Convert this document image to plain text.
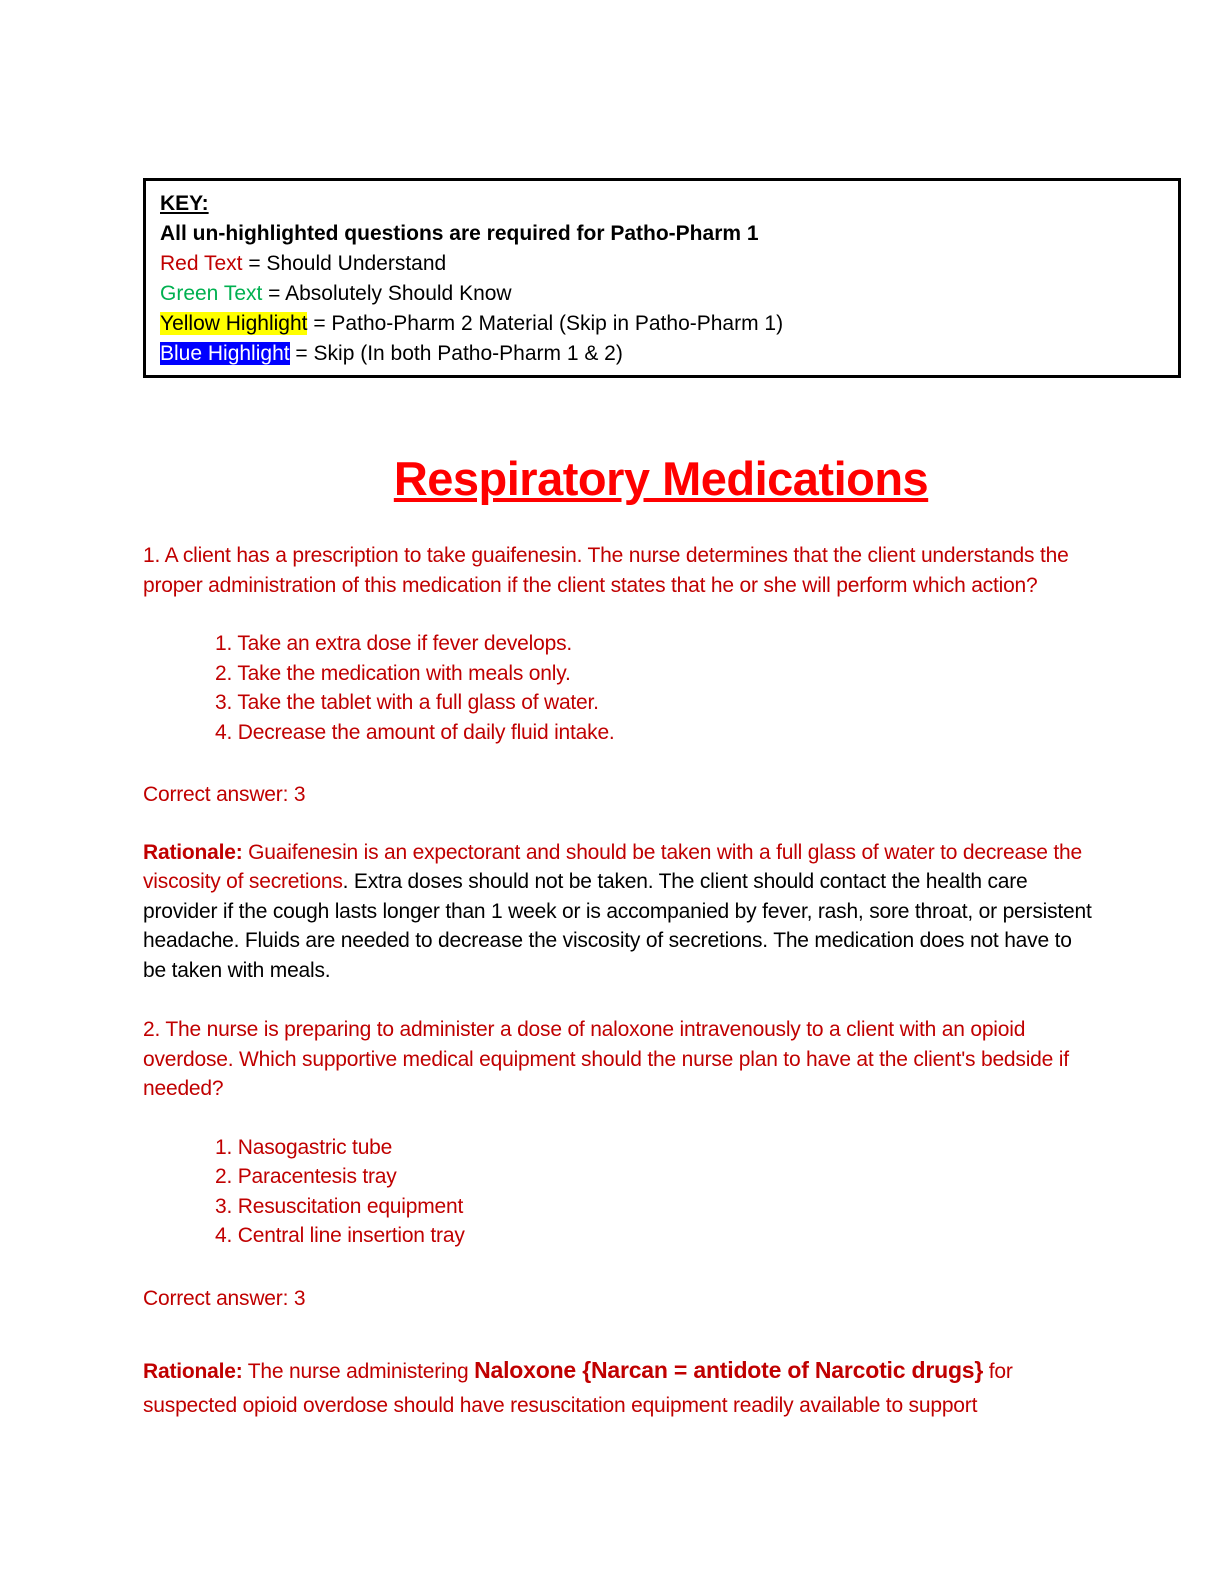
KEY:
All un-highlighted questions are required for Patho-Pharm 1
Red Text = Should Understand
Green Text = Absolutely Should Know
Yellow Highlight = Patho-Pharm 2 Material (Skip in Patho-Pharm 1)
Blue Highlight = Skip (In both Patho-Pharm 1 & 2)
Respiratory Medications

1. A client has a prescription to take guaifenesin. The nurse determines that the client understands the proper administration of this medication if the client states that he or she will perform which action?

1. Take an extra dose if fever develops.
2. Take the medication with meals only.
3. Take the tablet with a full glass of water.
4. Decrease the amount of daily fluid intake.
Correct answer: 3

Rationale: Guaifenesin is an expectorant and should be taken with a full glass of water to decrease the viscosity of secretions. Extra doses should not be taken. The client should contact the health care provider if the cough lasts longer than 1 week or is accompanied by fever, rash, sore throat, or persistent headache. Fluids are needed to decrease the viscosity of secretions. The medication does not have to be taken with meals.

2. The nurse is preparing to administer a dose of naloxone intravenously to a client with an opioid overdose. Which supportive medical equipment should the nurse plan to have at the client's bedside if needed?

1. Nasogastric tube
2. Paracentesis tray
3. Resuscitation equipment
4. Central line insertion tray
Correct answer: 3

Rationale: The nurse administering Naloxone {Narcan = antidote of Narcotic drugs} for suspected opioid overdose should have resuscitation equipment readily available to support
